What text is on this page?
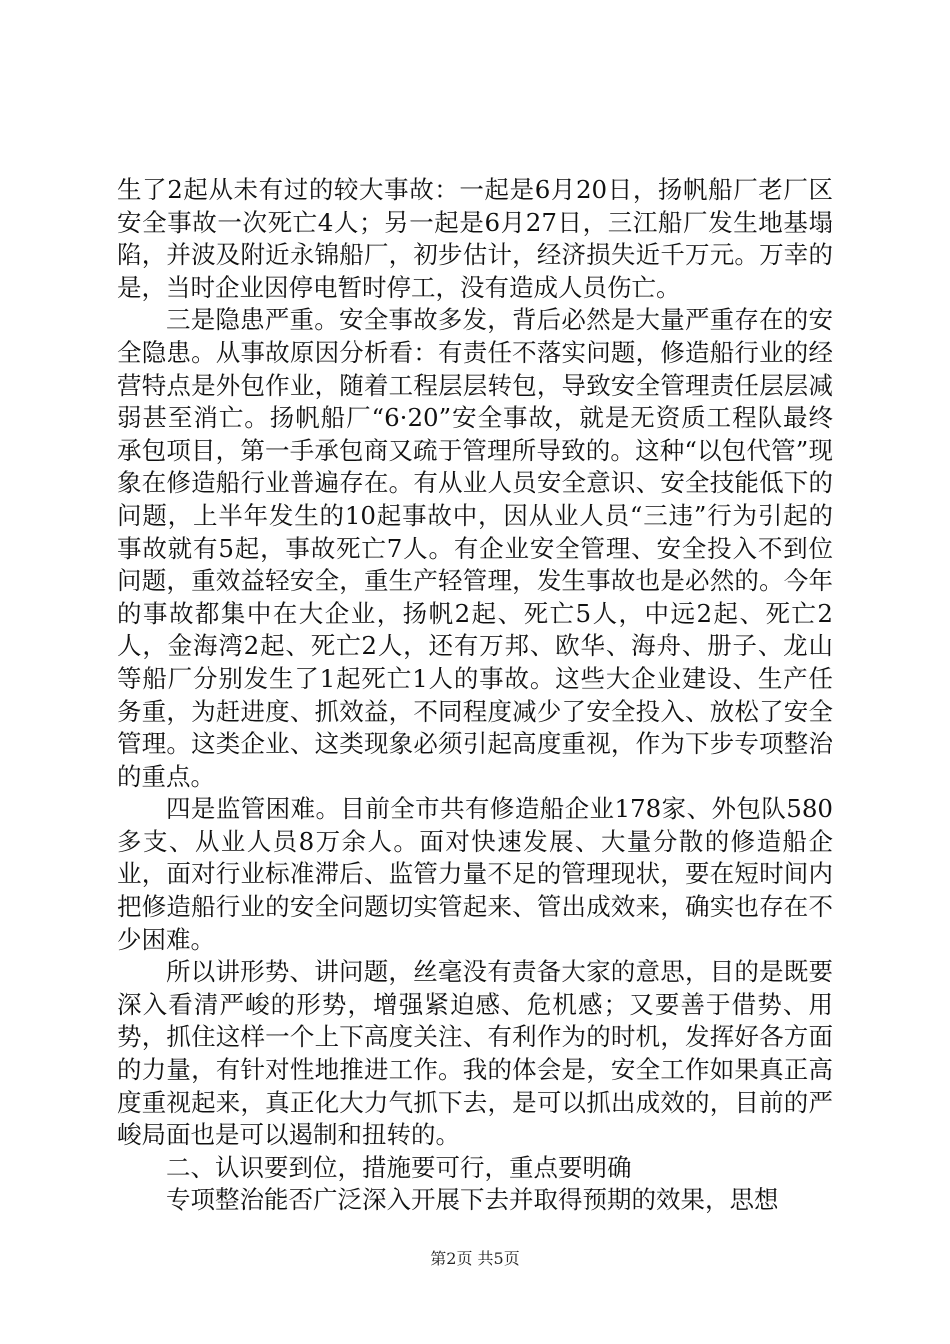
生了2起从未有过的较大事故：一起是6月20日，扬帆船厂老厂区安全事故一次死亡4人；另一起是6月27日，三江船厂发生地基塌陷，并波及附近永锦船厂，初步估计，经济损失近千万元。万幸的是，当时企业因停电暂时停工，没有造成人员伤亡。

三是隐患严重。安全事故多发，背后必然是大量严重存在的安全隐患。从事故原因分析看：有责任不落实问题，修造船行业的经营特点是外包作业，随着工程层层转包，导致安全管理责任层层减弱甚至消亡。扬帆船厂“6·20”安全事故，就是无资质工程队最终承包项目，第一手承包商又疏于管理所导致的。这种“以包代管”现象在修造船行业普遍存在。有从业人员安全意识、安全技能低下的问题，上半年发生的10起事故中，因从业人员“三违”行为引起的事故就有5起，事故死亡7人。有企业安全管理、安全投入不到位问题，重效益轻安全，重生产轻管理，发生事故也是必然的。今年的事故都集中在大企业，扬帆2起、死亡5人，中远2起、死亡2人，金海湾2起、死亡2人，还有万邦、欧华、海舟、册子、龙山等船厂分别发生了1起死亡1人的事故。这些大企业建设、生产任务重，为赶进度、抓效益，不同程度减少了安全投入、放松了安全管理。这类企业、这类现象必须引起高度重视，作为下步专项整治的重点。

四是监管困难。目前全市共有修造船企业178家、外包队580多支、从业人员8万余人。面对快速发展、大量分散的修造船企业，面对行业标准滞后、监管力量不足的管理现状，要在短时间内把修造船行业的安全问题切实管起来、管出成效来，确实也存在不少困难。

所以讲形势、讲问题，丝毫没有责备大家的意思，目的是既要深入看清严峻的形势，增强紧迫感、危机感；又要善于借势、用势，抓住这样一个上下高度关注、有利作为的时机，发挥好各方面的力量，有针对性地推进工作。我的体会是，安全工作如果真正高度重视起来，真正化大力气抓下去，是可以抓出成效的，目前的严峻局面也是可以遏制和扭转的。

二、认识要到位，措施要可行，重点要明确

专项整治能否广泛深入开展下去并取得预期的效果，思想

第2页 共5页
